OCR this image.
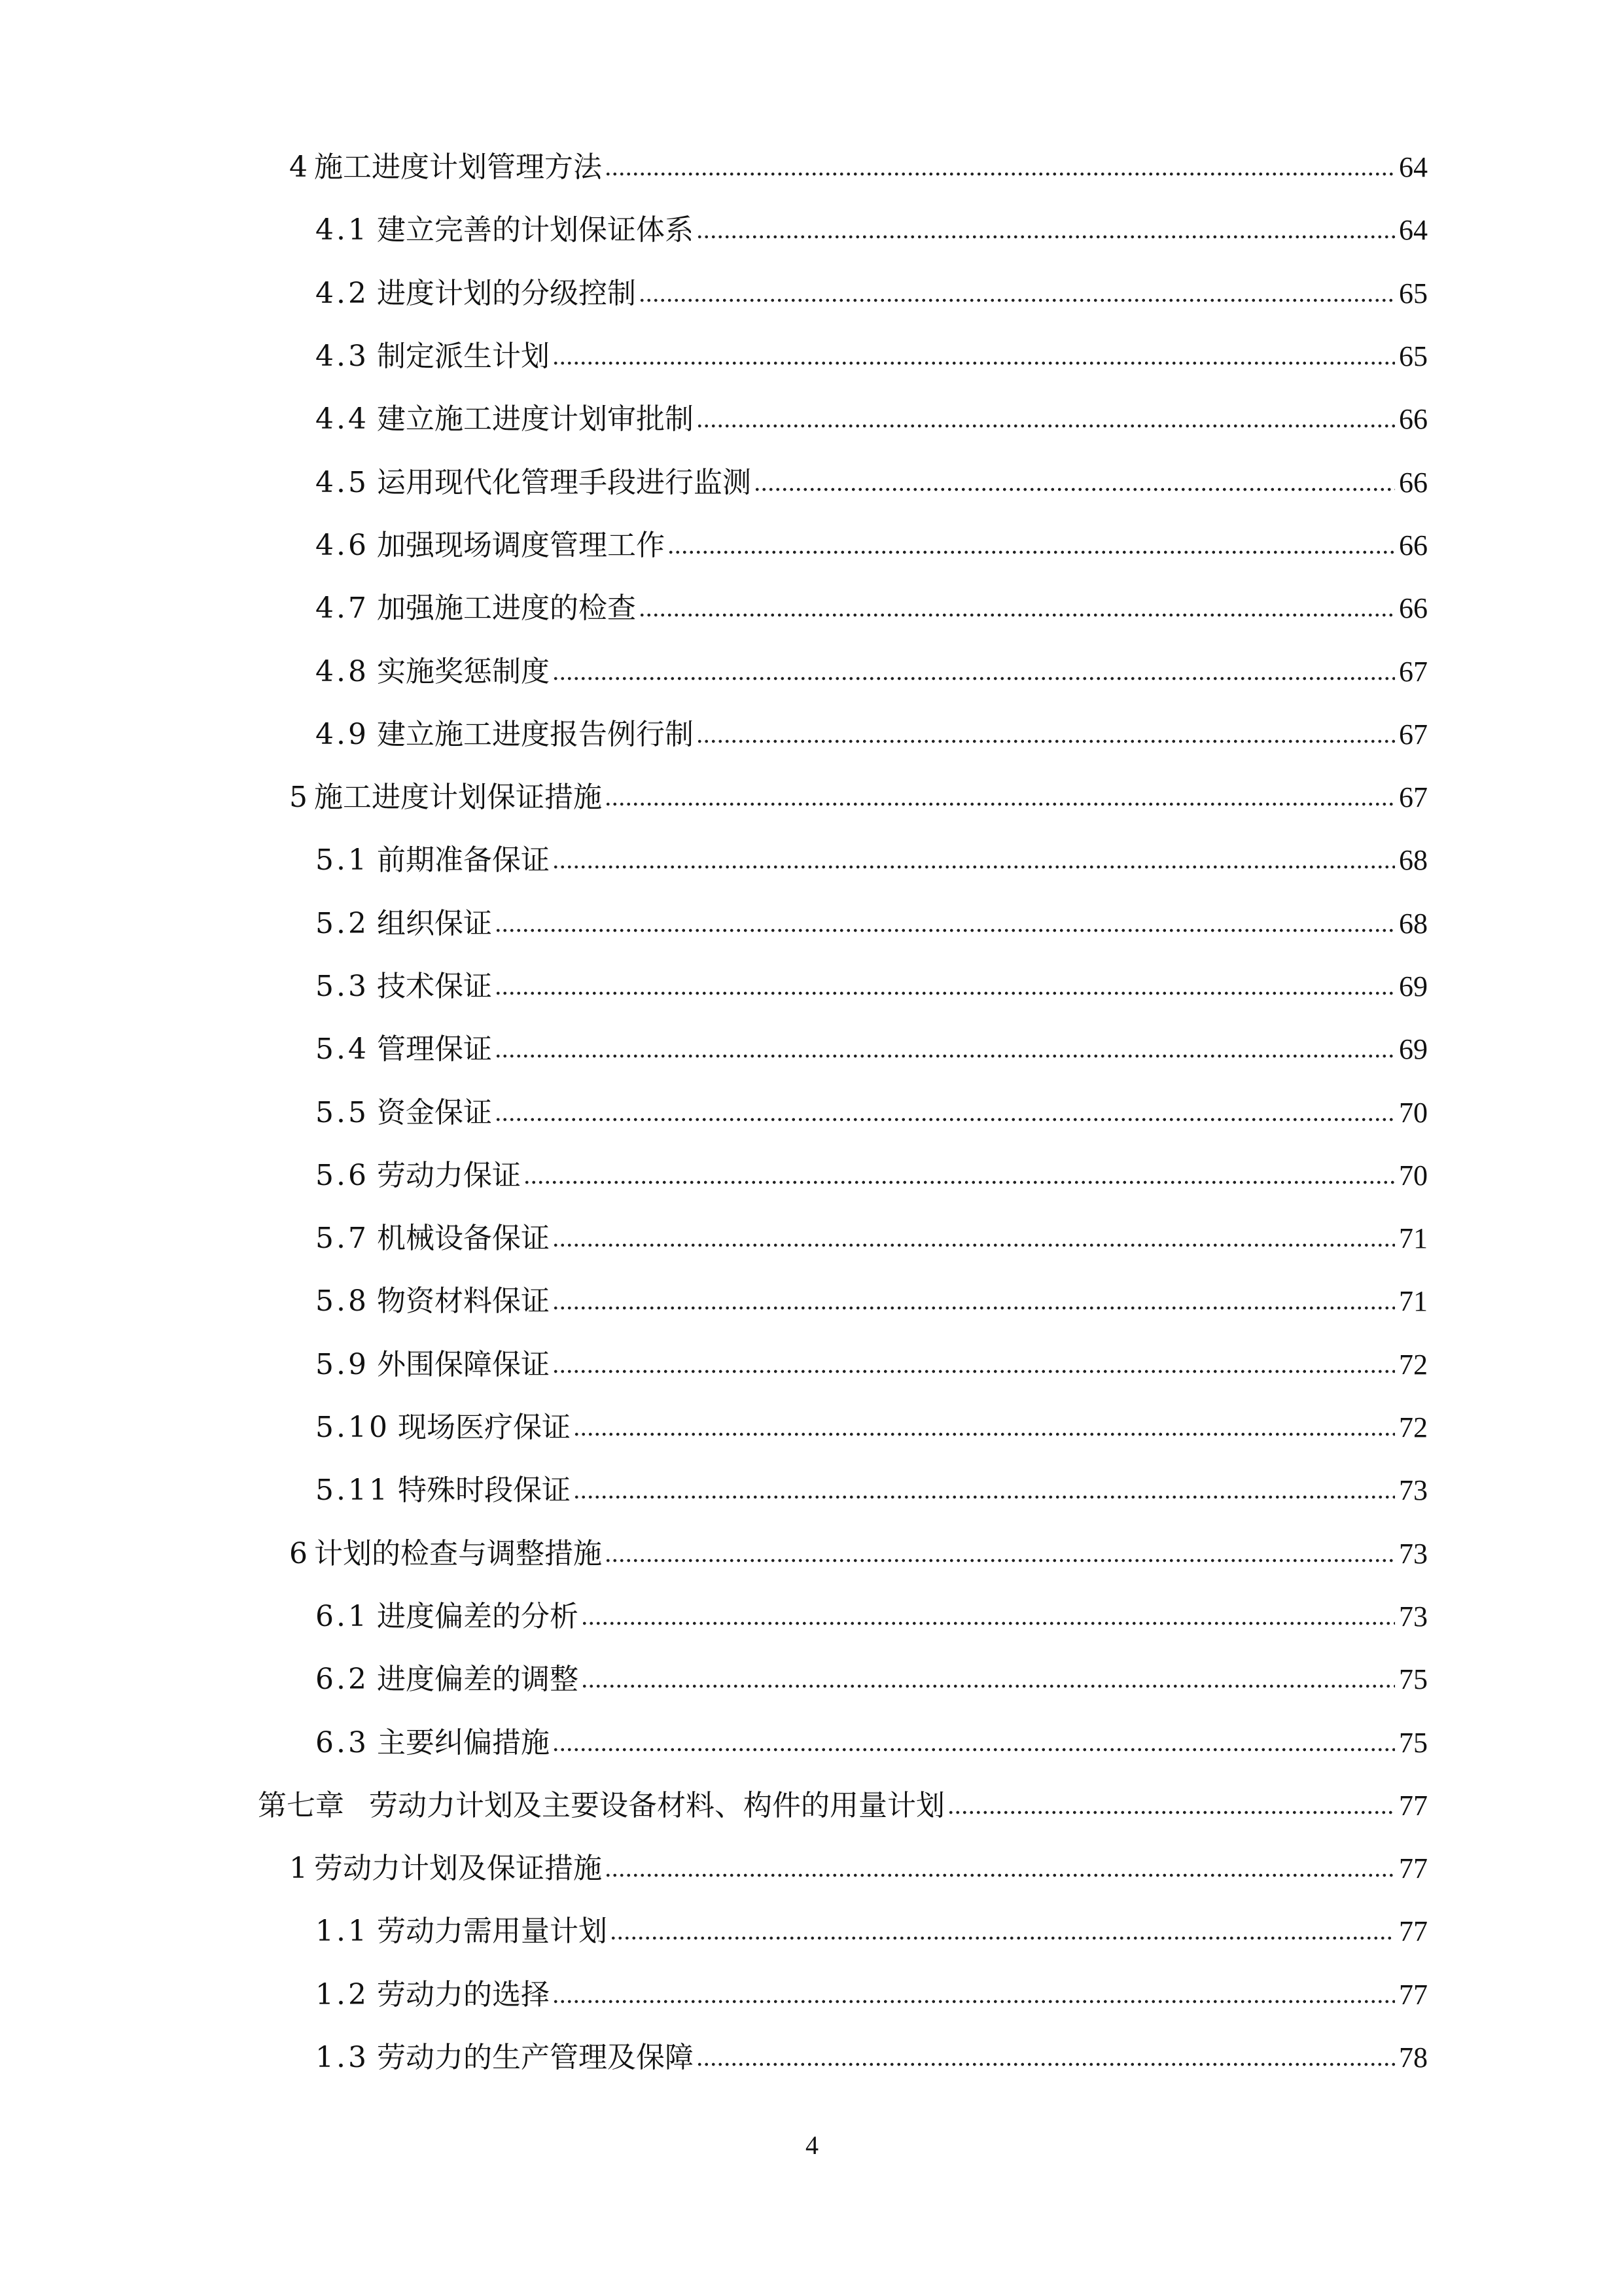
4 施工进度计划管理方法	64
4.1 建立完善的计划保证体系	64
4.2 进度计划的分级控制	65
4.3 制定派生计划	65
4.4 建立施工进度计划审批制	66
4.5 运用现代化管理手段进行监测	66
4.6 加强现场调度管理工作	66
4.7 加强施工进度的检查	66
4.8 实施奖惩制度	67
4.9 建立施工进度报告例行制	67
5 施工进度计划保证措施	67
5.1 前期准备保证	68
5.2 组织保证	68
5.3 技术保证	69
5.4 管理保证	69
5.5 资金保证	70
5.6 劳动力保证	70
5.7 机械设备保证	71
5.8 物资材料保证	71
5.9 外围保障保证	72
5.10 现场医疗保证	72
5.11 特殊时段保证	73
6 计划的检查与调整措施	73
6.1 进度偏差的分析	73
6.2 进度偏差的调整	75
6.3 主要纠偏措施	75
第七章 劳动力计划及主要设备材料、构件的用量计划	77
1 劳动力计划及保证措施	77
1.1 劳动力需用量计划	77
1.2 劳动力的选择	77
1.3 劳动力的生产管理及保障	78
4
